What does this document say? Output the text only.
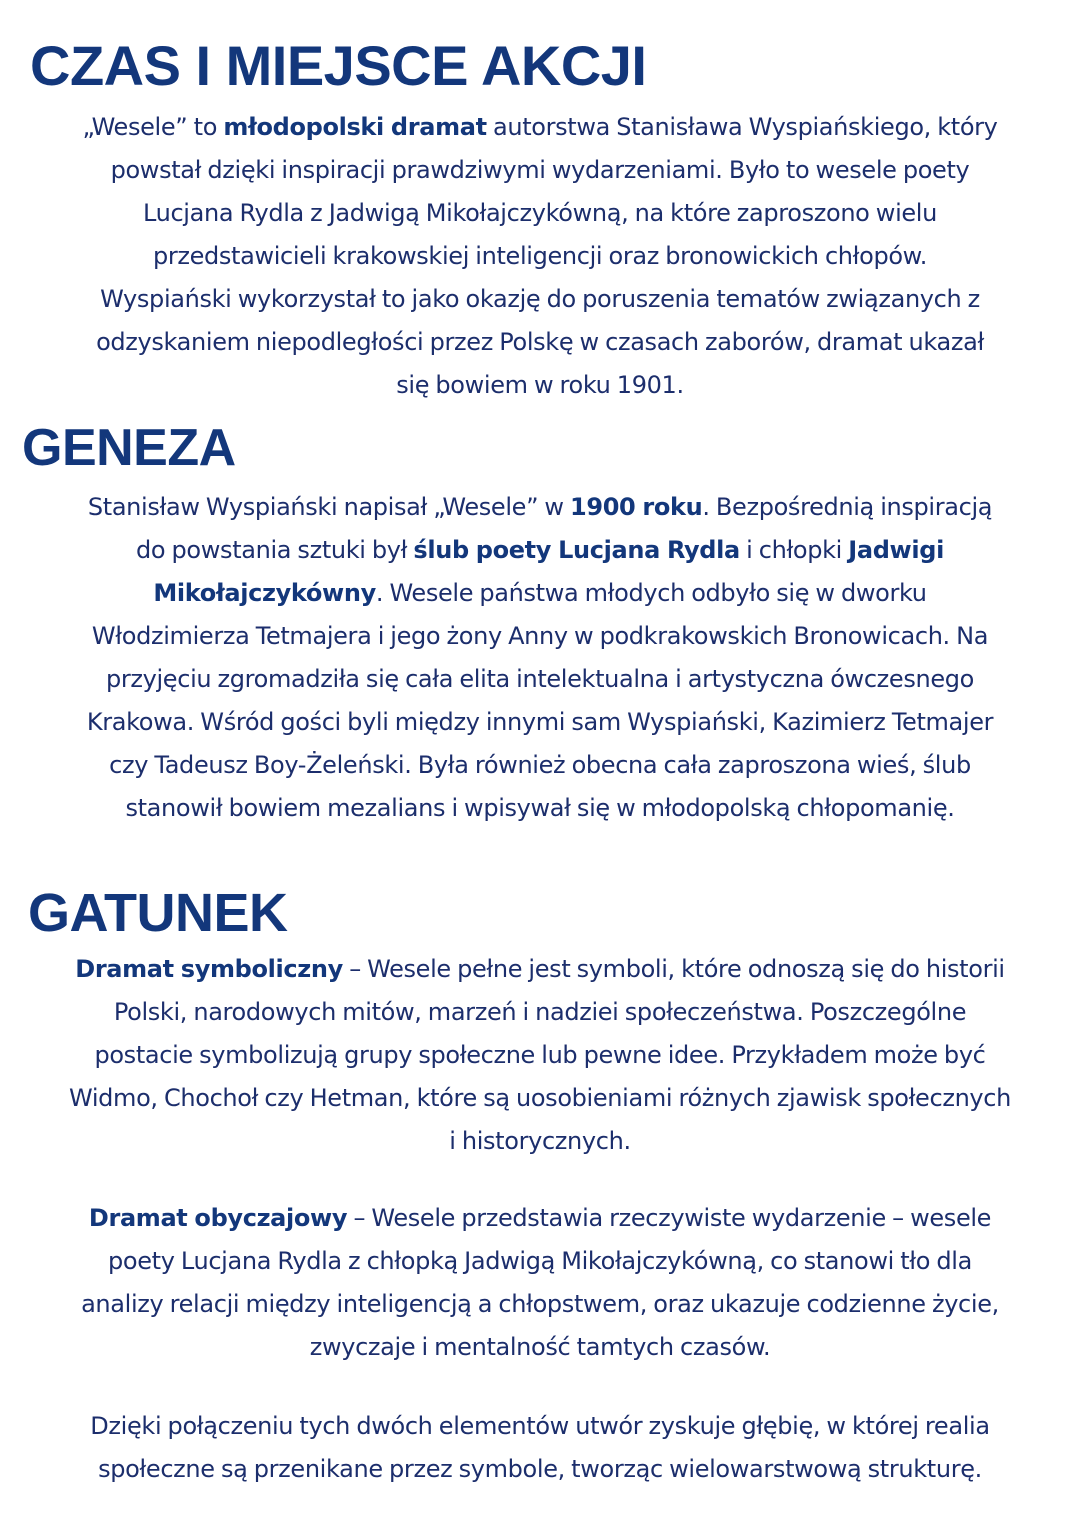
CZAS I MIEJSCE AKCJI
„Wesele” to młodopolski dramat autorstwa Stanisława Wyspiańskiego, który
powstał dzięki inspiracji prawdziwymi wydarzeniami. Było to wesele poety
Lucjana Rydla z Jadwigą Mikołajczykówną, na które zaproszono wielu
przedstawicieli krakowskiej inteligencji oraz bronowickich chłopów.
Wyspiański wykorzystał to jako okazję do poruszenia tematów związanych z
odzyskaniem niepodległości przez Polskę w czasach zaborów, dramat ukazał
się bowiem w roku 1901.
GENEZA
Stanisław Wyspiański napisał „Wesele” w 1900 roku. Bezpośrednią inspiracją
do powstania sztuki był ślub poety Lucjana Rydla i chłopki Jadwigi
Mikołajczykówny. Wesele państwa młodych odbyło się w dworku
Włodzimierza Tetmajera i jego żony Anny w podkrakowskich Bronowicach. Na
przyjęciu zgromadziła się cała elita intelektualna i artystyczna ówczesnego
Krakowa. Wśród gości byli między innymi sam Wyspiański, Kazimierz Tetmajer
czy Tadeusz Boy-Żeleński. Była również obecna cała zaproszona wieś, ślub
stanowił bowiem mezalians i wpisywał się w młodopolską chłopomanię.
GATUNEK
Dramat symboliczny – Wesele pełne jest symboli, które odnoszą się do historii
Polski, narodowych mitów, marzeń i nadziei społeczeństwa. Poszczególne
postacie symbolizują grupy społeczne lub pewne idee. Przykładem może być
Widmo, Chochoł czy Hetman, które są uosobieniami różnych zjawisk społecznych
i historycznych.
Dramat obyczajowy – Wesele przedstawia rzeczywiste wydarzenie – wesele
poety Lucjana Rydla z chłopką Jadwigą Mikołajczykówną, co stanowi tło dla
analizy relacji między inteligencją a chłopstwem, oraz ukazuje codzienne życie,
zwyczaje i mentalność tamtych czasów.
Dzięki połączeniu tych dwóch elementów utwór zyskuje głębię, w której realia
społeczne są przenikane przez symbole, tworząc wielowarstwową strukturę.
